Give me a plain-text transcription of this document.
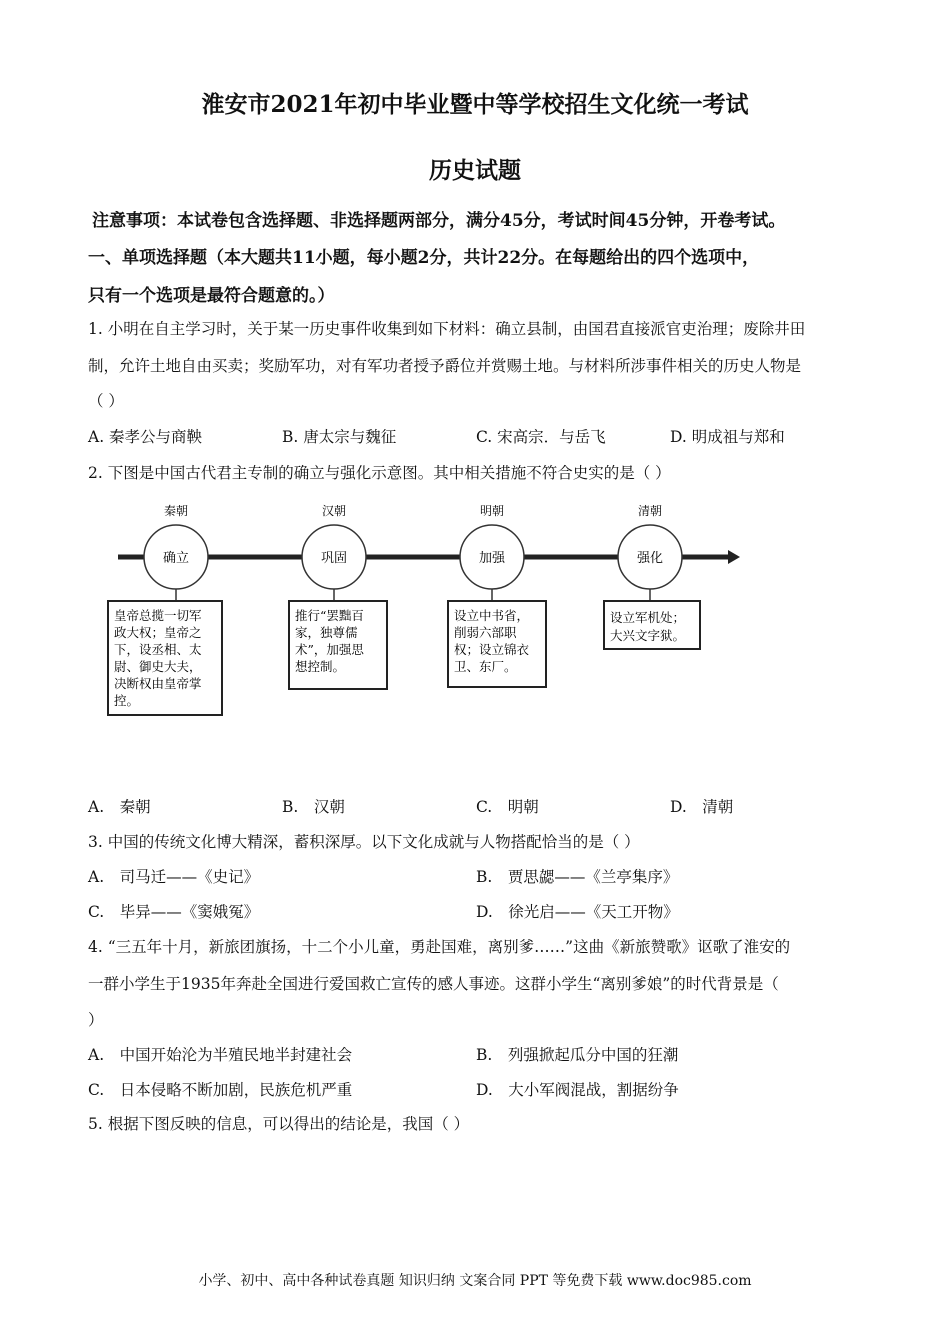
淮安市2021年初中毕业暨中等学校招生文化统一考试
历史试题
注意事项：本试卷包含选择题、非选择题两部分，满分45分，考试时间45分钟，开卷考试。
一、单项选择题（本大题共11小题，每小题2分，共计22分。在每题给出的四个选项中，
只有一个选项是最符合题意的。）
1. 小明在自主学习时，关于某一历史事件收集到如下材料：确立县制，由国君直接派官吏治理；废除井田
制，允许土地自由买卖；奖励军功，对有军功者授予爵位并赏赐土地。与材料所涉事件相关的历史人物是
（ ）
A. 秦孝公与商鞅	B. 唐太宗与魏征	C. 宋高宗．与岳飞	D. 明成祖与郑和
2. 下图是中国古代君主专制的确立与强化示意图。其中相关措施不符合史实的是（ ）
秦朝	汉朝	明朝	清朝
确立	巩固	加强	强化
皇帝总揽一切军
政大权；皇帝之
下，设丞相、太
尉、御史大夫，
决断权由皇帝掌
控。
推行“罢黜百
家，独尊儒
术”，加强思
想控制。
设立中书省，
削弱六部职
权；设立锦衣
卫、东厂。
设立军机处；
大兴文字狱。
A.　秦朝	B.　汉朝	C.　明朝	D.　清朝
3. 中国的传统文化博大精深，蓄积深厚。以下文化成就与人物搭配恰当的是（ ）
A.　司马迁——《史记》	B.　贾思勰——《兰亭集序》
C.　毕异——《窦娥冤》	D.　徐光启——《天工开物》
4. “三五年十月，新旅团旗扬，十二个小儿童，勇赴国难，离别爹……”这曲《新旅赞歌》讴歌了淮安的
一群小学生于1935年奔赴全国进行爱国救亡宣传的感人事迹。这群小学生“离别爹娘”的时代背景是（
）
A.　中国开始沦为半殖民地半封建社会	B.　列强掀起瓜分中国的狂潮
C.　日本侵略不断加剧，民族危机严重	D.　大小军阀混战，割据纷争
5. 根据下图反映的信息，可以得出的结论是，我国（ ）
小学、初中、高中各种试卷真题 知识归纳 文案合同 PPT 等免费下载 www.doc985.com
